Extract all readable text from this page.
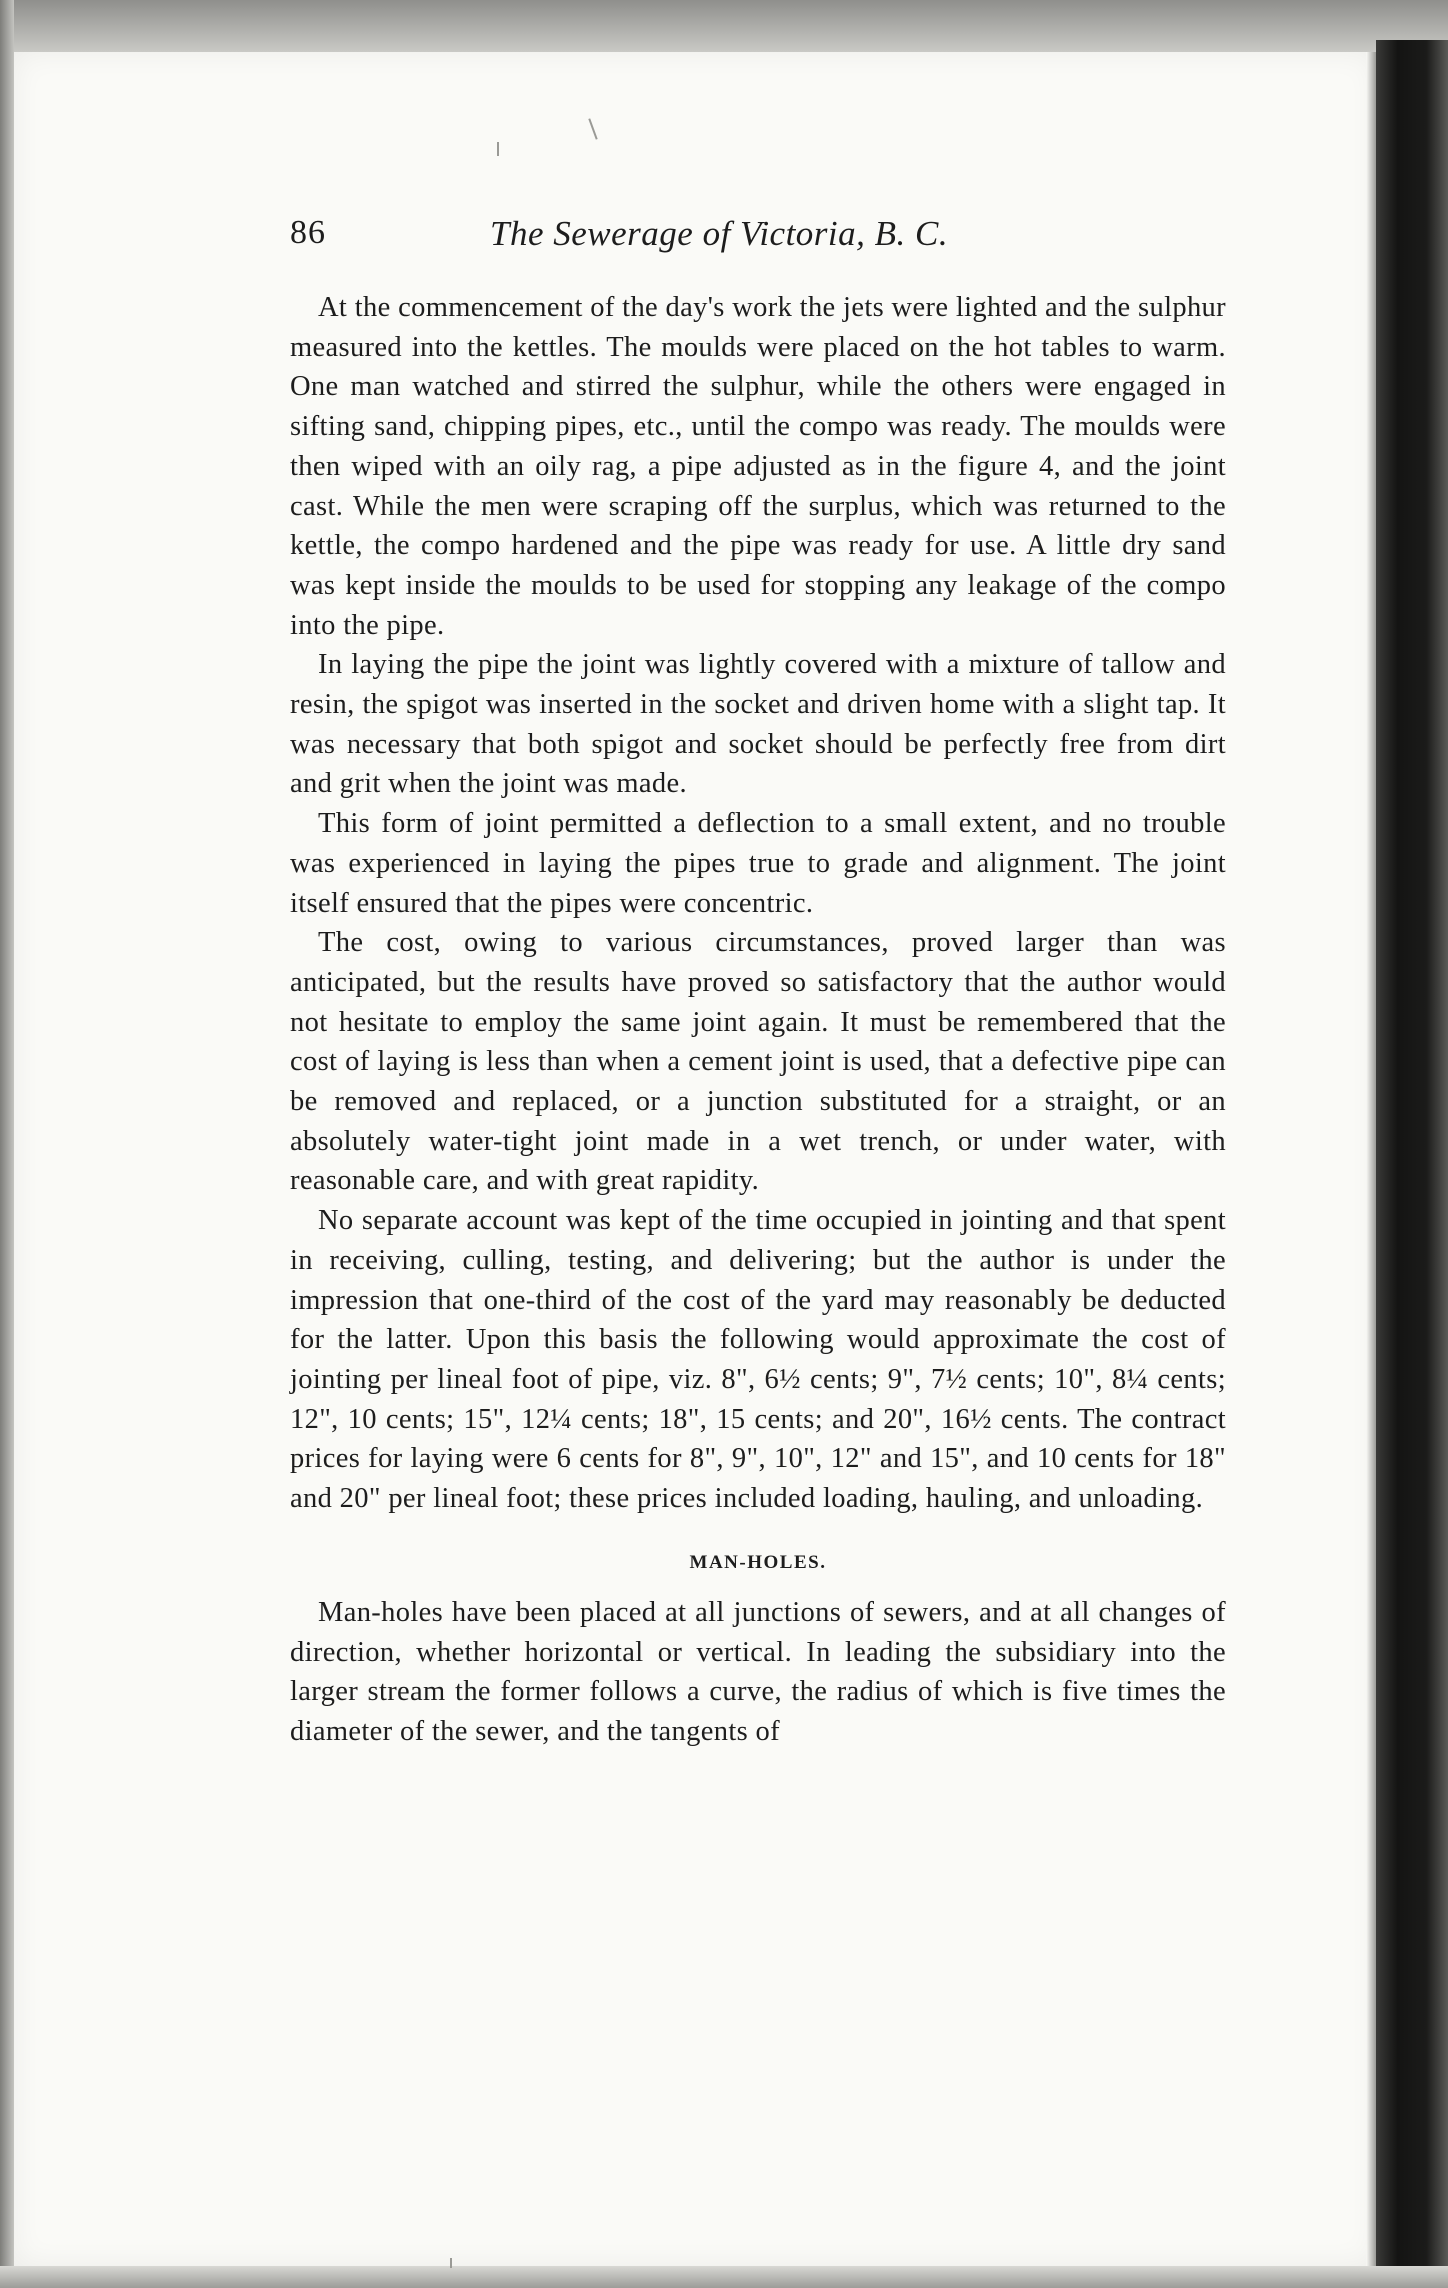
86	The Sewerage of Victoria, B. C.

At the commencement of the day's work the jets were lighted and the sulphur measured into the kettles. The moulds were placed on the hot tables to warm. One man watched and stirred the sulphur, while the others were engaged in sifting sand, chipping pipes, etc., until the compo was ready. The moulds were then wiped with an oily rag, a pipe adjusted as in the figure 4, and the joint cast. While the men were scraping off the surplus, which was returned to the kettle, the compo hardened and the pipe was ready for use. A little dry sand was kept inside the moulds to be used for stopping any leakage of the compo into the pipe.

In laying the pipe the joint was lightly covered with a mixture of tallow and resin, the spigot was inserted in the socket and driven home with a slight tap. It was necessary that both spigot and socket should be perfectly free from dirt and grit when the joint was made.

This form of joint permitted a deflection to a small extent, and no trouble was experienced in laying the pipes true to grade and alignment. The joint itself ensured that the pipes were concentric.

The cost, owing to various circumstances, proved larger than was anticipated, but the results have proved so satisfactory that the author would not hesitate to employ the same joint again. It must be remembered that the cost of laying is less than when a cement joint is used, that a defective pipe can be removed and replaced, or a junction substituted for a straight, or an absolutely water-tight joint made in a wet trench, or under water, with reasonable care, and with great rapidity.

No separate account was kept of the time occupied in jointing and that spent in receiving, culling, testing, and delivering; but the author is under the impression that one-third of the cost of the yard may reasonably be deducted for the latter. Upon this basis the following would approximate the cost of jointing per lineal foot of pipe, viz. 8", 6½ cents; 9", 7½ cents; 10", 8¼ cents; 12", 10 cents; 15", 12¼ cents; 18", 15 cents; and 20", 16½ cents. The contract prices for laying were 6 cents for 8", 9", 10", 12" and 15", and 10 cents for 18" and 20" per lineal foot; these prices included loading, hauling, and unloading.

MAN-HOLES.

Man-holes have been placed at all junctions of sewers, and at all changes of direction, whether horizontal or vertical. In leading the subsidiary into the larger stream the former follows a curve, the radius of which is five times the diameter of the sewer, and the tangents of
